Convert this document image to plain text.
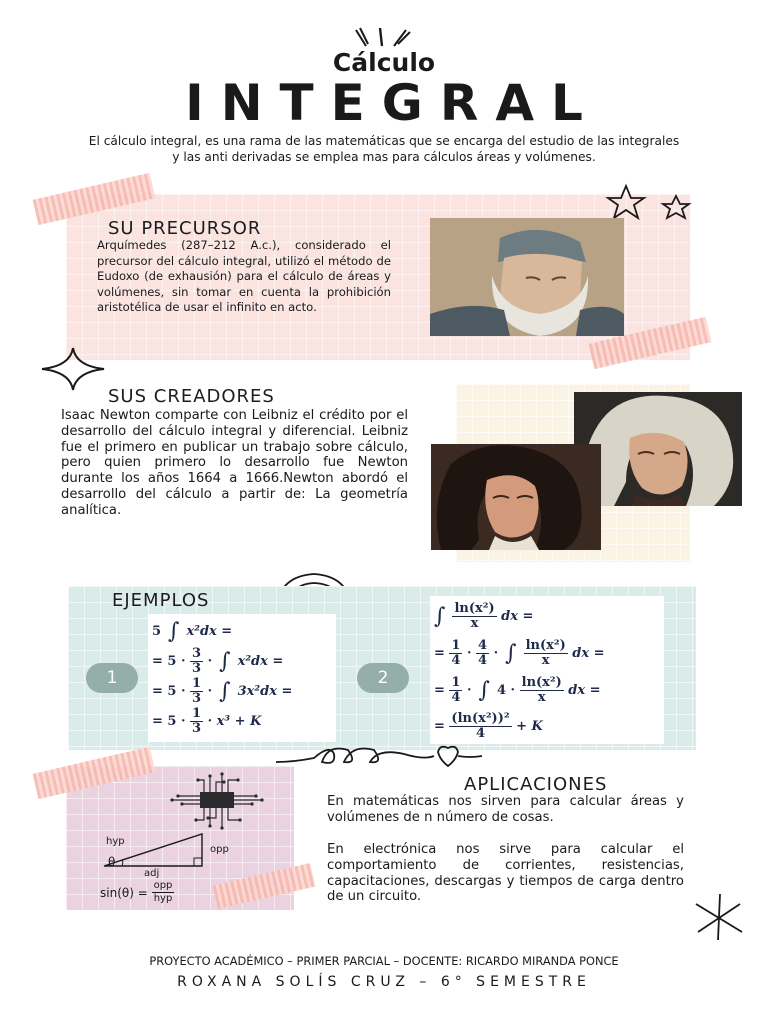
Cálculo
INTEGRAL
El cálculo integral, es una rama de las matemáticas que se encarga del estudio de las integrales y las anti derivadas se emplea mas para cálculos áreas y volúmenes.
SU PRECURSOR
Arquímedes (287–212 A.c.), considerado el precursor del cálculo integral, utilizó el método de Eudoxo (de exhausión) para el cálculo de áreas y volúmenes, sin tomar en cuenta la prohibición aristotélica de usar el infinito en acto.
SUS CREADORES
Isaac Newton comparte con Leibniz el crédito por el desarrollo del cálculo integral y diferencial. Leibniz fue el primero en publicar un trabajo sobre cálculo, pero quien primero lo desarrollo fue Newton durante los años 1664 a 1666.Newton abordó el desarrollo del cálculo a partir de: La geometría analítica.
EJEMPLOS
1	2
5 ∫ x²dx =
= 5 ·
$\frac{3}{3}$ · ∫ x²dx =
= 5 ·
$\frac{1}{3}$ · ∫ 3x²dx =
= 5 ·
$\frac{1}{3}$
· x³ + K
∫ $\frac{\text{ln(x²)}}{x}$
dx =
= $\frac{1}{4} \cdot \frac{4}{4}$ · ∫ $\frac{\text{ln(x²)}}{x}$
dx =
= $\frac{1}{4}$ · ∫ 4 ·
$\frac{\text{ln(x²)}}{x}$
dx =
= $\frac{\text{(ln(x²))²}}{4}$
+ K
hyp
opp
θ
adj
sin(θ) =
$\frac{\text{opp}}{\text{hyp}}$
APLICACIONES
En matemáticas nos sirven para calcular áreas y volúmenes de n número de cosas.
En electrónica nos sirve para calcular el comportamiento de corrientes, resistencias, capacitaciones, descargas y tiempos de carga dentro de un circuito.
PROYECTO ACADÉMICO – PRIMER PARCIAL – DOCENTE: RICARDO MIRANDA PONCE
ROXANA SOLÍS CRUZ – 6° SEMESTRE
